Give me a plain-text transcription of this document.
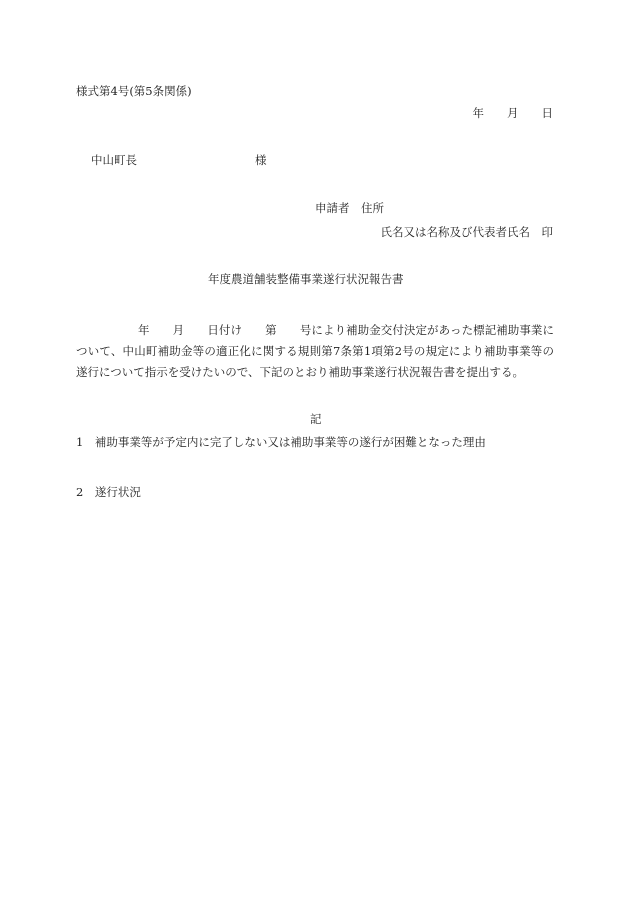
様式第4号(第5条関係)
年　　月　　日
中山町長	様
申請者　住所
氏名又は名称及び代表者氏名　印
年度農道舗装整備事業遂行状況報告書
年　　月　　日付け　　第　　号により補助金交付決定があった標記補助事業について、中山町補助金等の適正化に関する規則第7条第1項第2号の規定により補助事業等の遂行について指示を受けたいので、下記のとおり補助事業遂行状況報告書を提出する。
記
1　補助事業等が予定内に完了しない又は補助事業等の遂行が困難となった理由
2　遂行状況
